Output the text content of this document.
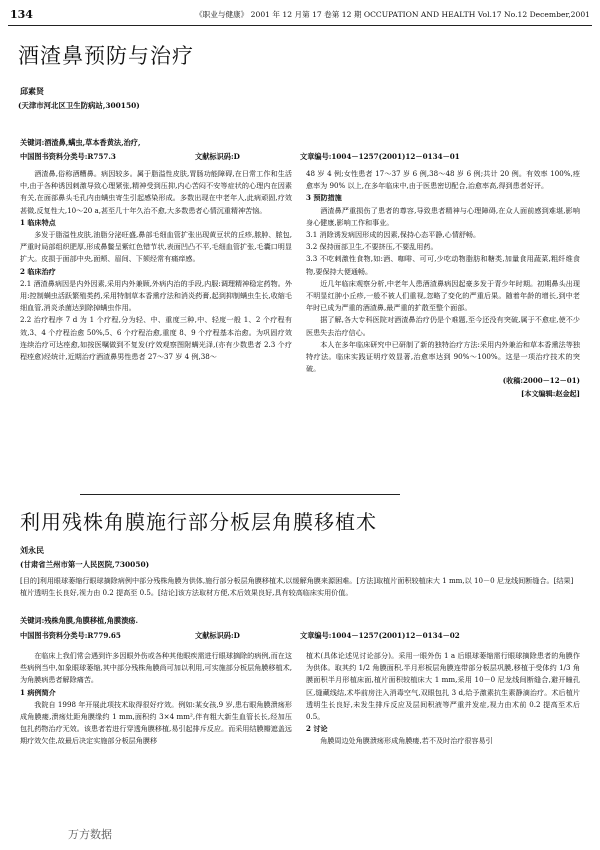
134	《职业与健康》 2001 年 12 月第 17 卷第 12 期 OCCUPATION AND HEALTH Vol.17 No.12 December,2001
酒渣鼻预防与治疗
邱素贤
(天津市河北区卫生防病站,300150)
关键词:酒渣鼻,螨虫,草本香黄法,治疗,
中国图书资料分类号:R757.3	文献标识码:D	文章编号:1004－1257(2001)12－0134－01

酒渣鼻,俗称酒糟鼻。病因较多。属于脂溢性皮肤,胃肠功能障碍,在日常工作和生活中,由于各种诱因刺激导致心理紧张,精神受到压抑,内心苦闷不安等症状的心理内在因素有关,在面部鼻头毛孔内由螨虫寄生引起感染形成。多数出现在中老年人,此病顽固,疗效甚微,反复性大,10～20 a,甚至几十年久治不愈,大多数患者心情沉重精神苦恼。

1 临床特点

多发于脂溢性皮肤,油脂分泌旺盛,鼻部毛细血管扩张出现黄豆状的丘疹,脓肿、脓包,严重时局部组织肥厚,形成鼻鳖呈紫红色错节状,表面凹凸不平,毛细血管扩张,毛囊口明显扩大。皮损于面部中央,面颊、眉间、下颏经常有痛痒感。

2 临床治疗

2.1 酒渣鼻病因是内外因素,采用内外兼顾,外病内治的手段,内服:调理精神稳定药物。外用:控制螨虫活跃繁殖类药,采用特制草本香熏疗法和消炎药膏,起到抑制螨虫生长,收缩毛细血管,消炎杀菌达到除掉螨虫作用。

2.2 治疗程序 7 d 为 1 个疗程,分为轻、中、重度三种,中、轻度一般 1、2 个疗程有效,3、4 个疗程治愈 50%,5、6 个疗程治愈,重度 8、9 个疗程基本治愈。为巩固疗效连续治疗可达痊愈,如按医嘱做到不复发(疗效观察图附螨光泽,(亦有少数患者 2.3 个疗程痊愈)经统计,近期治疗酒渣鼻男性患者 27～37 岁 4 例,38～

48 岁 4 例;女性患者 17～37 岁 6 例,38～48 岁 6 例;共计 20 例。有效率 100%,痊愈率为 90% 以上,在多年临床中,由于医患密切配合,治愈率高,得到患者好评。

3 预防措施

酒渣鼻严重损伤了患者的尊容,导致患者精神与心理障碍,在众人面前感到难堪,影响身心健康,影响工作和事业。

3.1 消除诱发病因形成的因素,保持心态平静,心情舒畅。

3.2 保持面部卫生,不要挤压,不要乱用药。

3.3 不吃刺激性食物,如:酒、咖啡、可可,少吃动物脂肪和糖类,加量食用蔬菜,粗纤维食物,要保持大便通畅。

近几年临床观察分析,中老年人患酒渣鼻病因起豪多发于青少年时期。初期鼻头出现不明显红肿小丘疹,一般不被人们重视,忽略了变化的严重后果。随着年龄的增长,到中老年时已成为严重的酒渣鼻,最严重的扩散至整个面部。

据了解,各大专科医院对酒渣鼻治疗仍是个难题,至今还没有突破,属于不愈症,使不少医患失去治疗信心。

本人在多年临床研究中已研制了新的独特治疗方法:采用内外兼治和草本香熏法等独特疗法。临床实践证明疗效显著,治愈率达到 90%～100%。这是一项治疗技术的突破。

(收稿:2000－12－01)

[本文编辑:赵金起]

利用残株角膜施行部分板层角膜移植术
刘永民
(甘肃省兰州市第一人民医院,730050)
[目的]利用眼球萎缩行眼球摘除病例中部分残株角膜为供体,施行部分板层角膜移植术,以缓解角膜来源困难。[方法]取植片面积较植床大 1 mm,以 10－0 尼龙线间断缝合。[结果]植片透明生长良好,视力由 0.2 提高至 0.5。[结论]该方法取材方便,术后效果良好,具有较高临床实用价值。
关键词:残株角膜,角膜移植,角膜溃疡.
中国图书资料分类号:R779.65	文献标识码:D	文章编号:1004－1257(2001)12－0134－02

在临床上我们常会遇到许多因眼外伤或各种其他眼疾需进行眼球摘除的病例,而在这些病例当中,如象眼球萎缩,其中部分残株角膜尚可加以利用,可实施部分板层角膜移植术,为角膜病患者解除痛苦。

1 病例简介

我院自 1998 年开展此项技术取得很好疗效。例如:某女孩,9 岁,患右眼角膜溃疡形成角膜瘘,溃疡灶距角膜缘约 1 mm,面积约 3×4 mm²,伴有粗大新生血管长长,经加压包扎药物治疗无效。该患者若进行穿透角膜移植,易引起排斥反应。而采用结膜瓣遮盖远期疗效欠佳,故最后决定实施部分板层角膜移

植术(具体论述见讨论部分)。采用一眼外伤 1 a 后眼球萎缩需行眼球摘除患者的角膜作为供体。取其约 1/2 角膜面积,半月形板层角膜连带部分板层巩膜,移植于受体约 1/3 角膜面积半月形植床面,植片面积较植床大 1 mm,采用 10－0 尼龙线间断缝合,避开瞳孔区,缝藏线结,术毕前房注入消毒空气,双眼包扎 3 d,给予激素抗生素静滴治疗。术后植片透明生长良好,未发生排斥反应及层间积液等严重并发症,视力由术前 0.2 提高至术后 0.5。

2 讨论

角膜周边处角膜溃疡形成角膜瘘,若不及时治疗很容易引

万方数据
